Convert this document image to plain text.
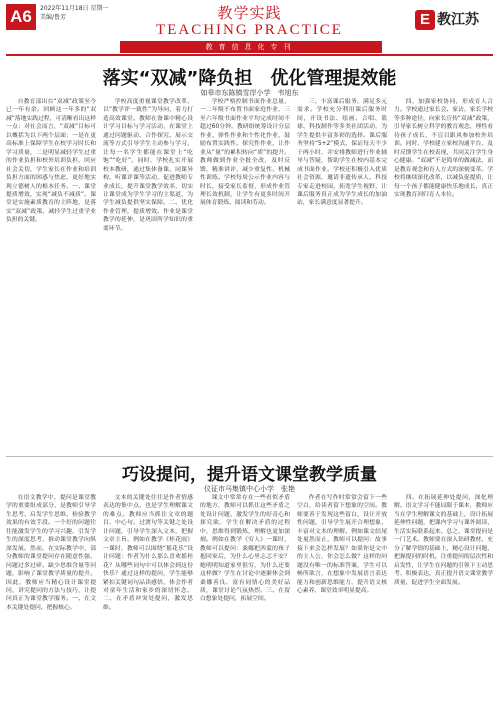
A6	2022年11月18日 星期一
美编/鲁芳	教学实践
TEACHING PRACTICE
教育信息化专刊
E 教江苏
落实“双减”降负担　优化管理提效能
如皋市东陈镇雪岸小学　韦旭东

自教育部出台“双减”政策至今已一年有余。回顾这一年多的“双减”落地实践过程，可清晰看出这样一点：对社会而言，“双减”目标可以概括为以下两个层面：一是在更高标准上保障学生在校学习时长和学习质量，二是明显减轻学生过重的作业负担和校外培训负担，回应社会关切，学生家长在作业和培训负担方面的困惑与焦虑，更好地实现立德树人的根本任务。一、课堂提质增效，实现“减负不减质”。课堂是实施素质教育的主阵地，是落实“双减”政策、减轻学生过重学业负担的关键。

学校高度重视课堂教学改革，以“教学评一致性”为导向，着力打造高效课堂。教师在备课中精心设计学习目标与学习活动，在课堂上通过问题驱动、合作探究、展示交流等方式引导学生主动参与学习，让每一名学生都能在课堂上“吃饱”“吃好”。同时，学校扎实开展校本教研，通过集体备课、同课异构、听课评课等活动，促进教师专业成长，提升课堂教学效率，切实让课堂成为学生学习的主渠道，为学生减负提供坚实保障。二、优化作业管理，提质增效。作业是课堂教学的延伸，是巩固所学知识的重要环节。

学校严格控制书面作业总量，一二年级不布置书面家庭作业，三至六年级书面作业平均完成时间不超过60分钟。教研组统筹设计分层作业、弹性作业和个性化作业，鼓励布置实践性、探究性作业，让作业从“量”的累积转向“质”的提升。教师做到作业全批全改，及时反馈，精准讲评，减少重复性、机械性训练。学校每周公示作业内容与时长，接受家长监督，形成作业管理长效机制，让学生有更多时间开展体育锻炼、阅读和劳动。

三、丰富课后服务，满足多元需求。学校充分利用课后服务时间，开设书法、绘画、合唱、篮球、科技制作等多类社团活动，为学生提供丰富多彩的选择。课后服务坚持“5+2”模式，保证每天不少于两小时，并安排教师进行作业辅导与答疑，帮助学生在校内基本完成书面作业。学校还积极引入优质社会资源，邀请非遗传承人、科技专家走进校园，拓宽学生视野，让课后服务真正成为学生成长的加油站，家长满意度显著提升。

四、加强家校协同，形成育人合力。学校通过家长会、家访、家长学校等多种途径，向家长宣传“双减”政策，引导家长树立科学的教育观念，理性看待孩子成长，不盲目跟风参加校外培训。同时，学校建立家校沟通平台，及时反馈学生在校表现，共同关注学生身心健康。“双减”不是简单的做减法，而是教育观念和育人方式的深刻变革。学校将继续深化改革，以减负促提质，让每一个孩子都能健康快乐地成长，真正实现教育回归育人本位。

巧设提问，提升语文课堂教学质量
仪征市马集镇中心小学　张艳

在语文教学中，提问是课堂教学的重要组成部分，是教师引导学生思考、启发学生思维、检验教学效果的有效手段。一个好的问题往往能激发学生的学习兴趣，引发学生的深度思考，推动课堂教学向纵深发展。然而，在实际教学中，部分教师的课堂提问存在随意性强、问题过多过碎、缺少思维含量等问题，影响了课堂教学质量的提升。因此，教师应当精心设计课堂提问，讲究提问的方法与技巧，让提问真正为课堂教学服务。一、在文本关键处提问，把握核心。

文本的关键处往往是作者情感表达的集中点，也是学生理解课文的难点。教师应当抓住文章的题目、中心句、过渡句等关键之处设计问题，引导学生深入文本，把握文章主旨。例如在教学《桂花雨》一课时，教师可以围绕“摇花乐”设计问题：作者为什么那么喜欢摇桂花？从哪些词句中可以体会到这份快乐？通过这样的提问，学生能够紧扣关键词句品读感悟，体会作者对童年生活和家乡的深切怀念。二、在矛盾冲突处提问，激发思维。

课文中常常存在一些看似矛盾的地方，教师可以抓住这些矛盾之处设计问题，激发学生的好奇心和探究欲。学生在解决矛盾的过程中，思维得到锻炼，理解也更加深刻。例如在教学《穷人》一课时，教师可以提问：桑娜把西蒙的孩子抱回家后，为什么心里忐忑不安？她明明知道家里很穷，为什么还要这样做？学生在讨论中逐渐体会到桑娜善良、富有同情心的美好品质，课堂讨论气氛热烈。三、在留白想象处提问，拓展空间。

作者在写作时常常会留下一些空白，给读者留下想象的空间。教师要善于发现这些留白，设计开放性问题，引导学生展开合理想象，丰富对文本的理解。例如课文结尾处戛然而止，教师可以提问：故事接下来会怎样发展？如果你是文中的主人公，你会怎么做？这样的问题没有唯一的标准答案，学生可以畅所欲言，在想象中发展语言表达能力和创新思维能力，提升语文核心素养，课堂效率明显提高。

四、在拓展延伸处提问，深化理解。语文学习不能局限于课本，教师应当在学生理解课文的基础上，设计拓展延伸性问题，把课内学习与课外阅读、生活实际联系起来。总之，课堂提问是一门艺术。教师要在深入钻研教材、充分了解学情的基础上，精心设计问题，把握提问的时机，注重提问的层次性和启发性，让学生在问题的引领下主动思考、积极表达，真正提升语文课堂教学质量，促进学生全面发展。
